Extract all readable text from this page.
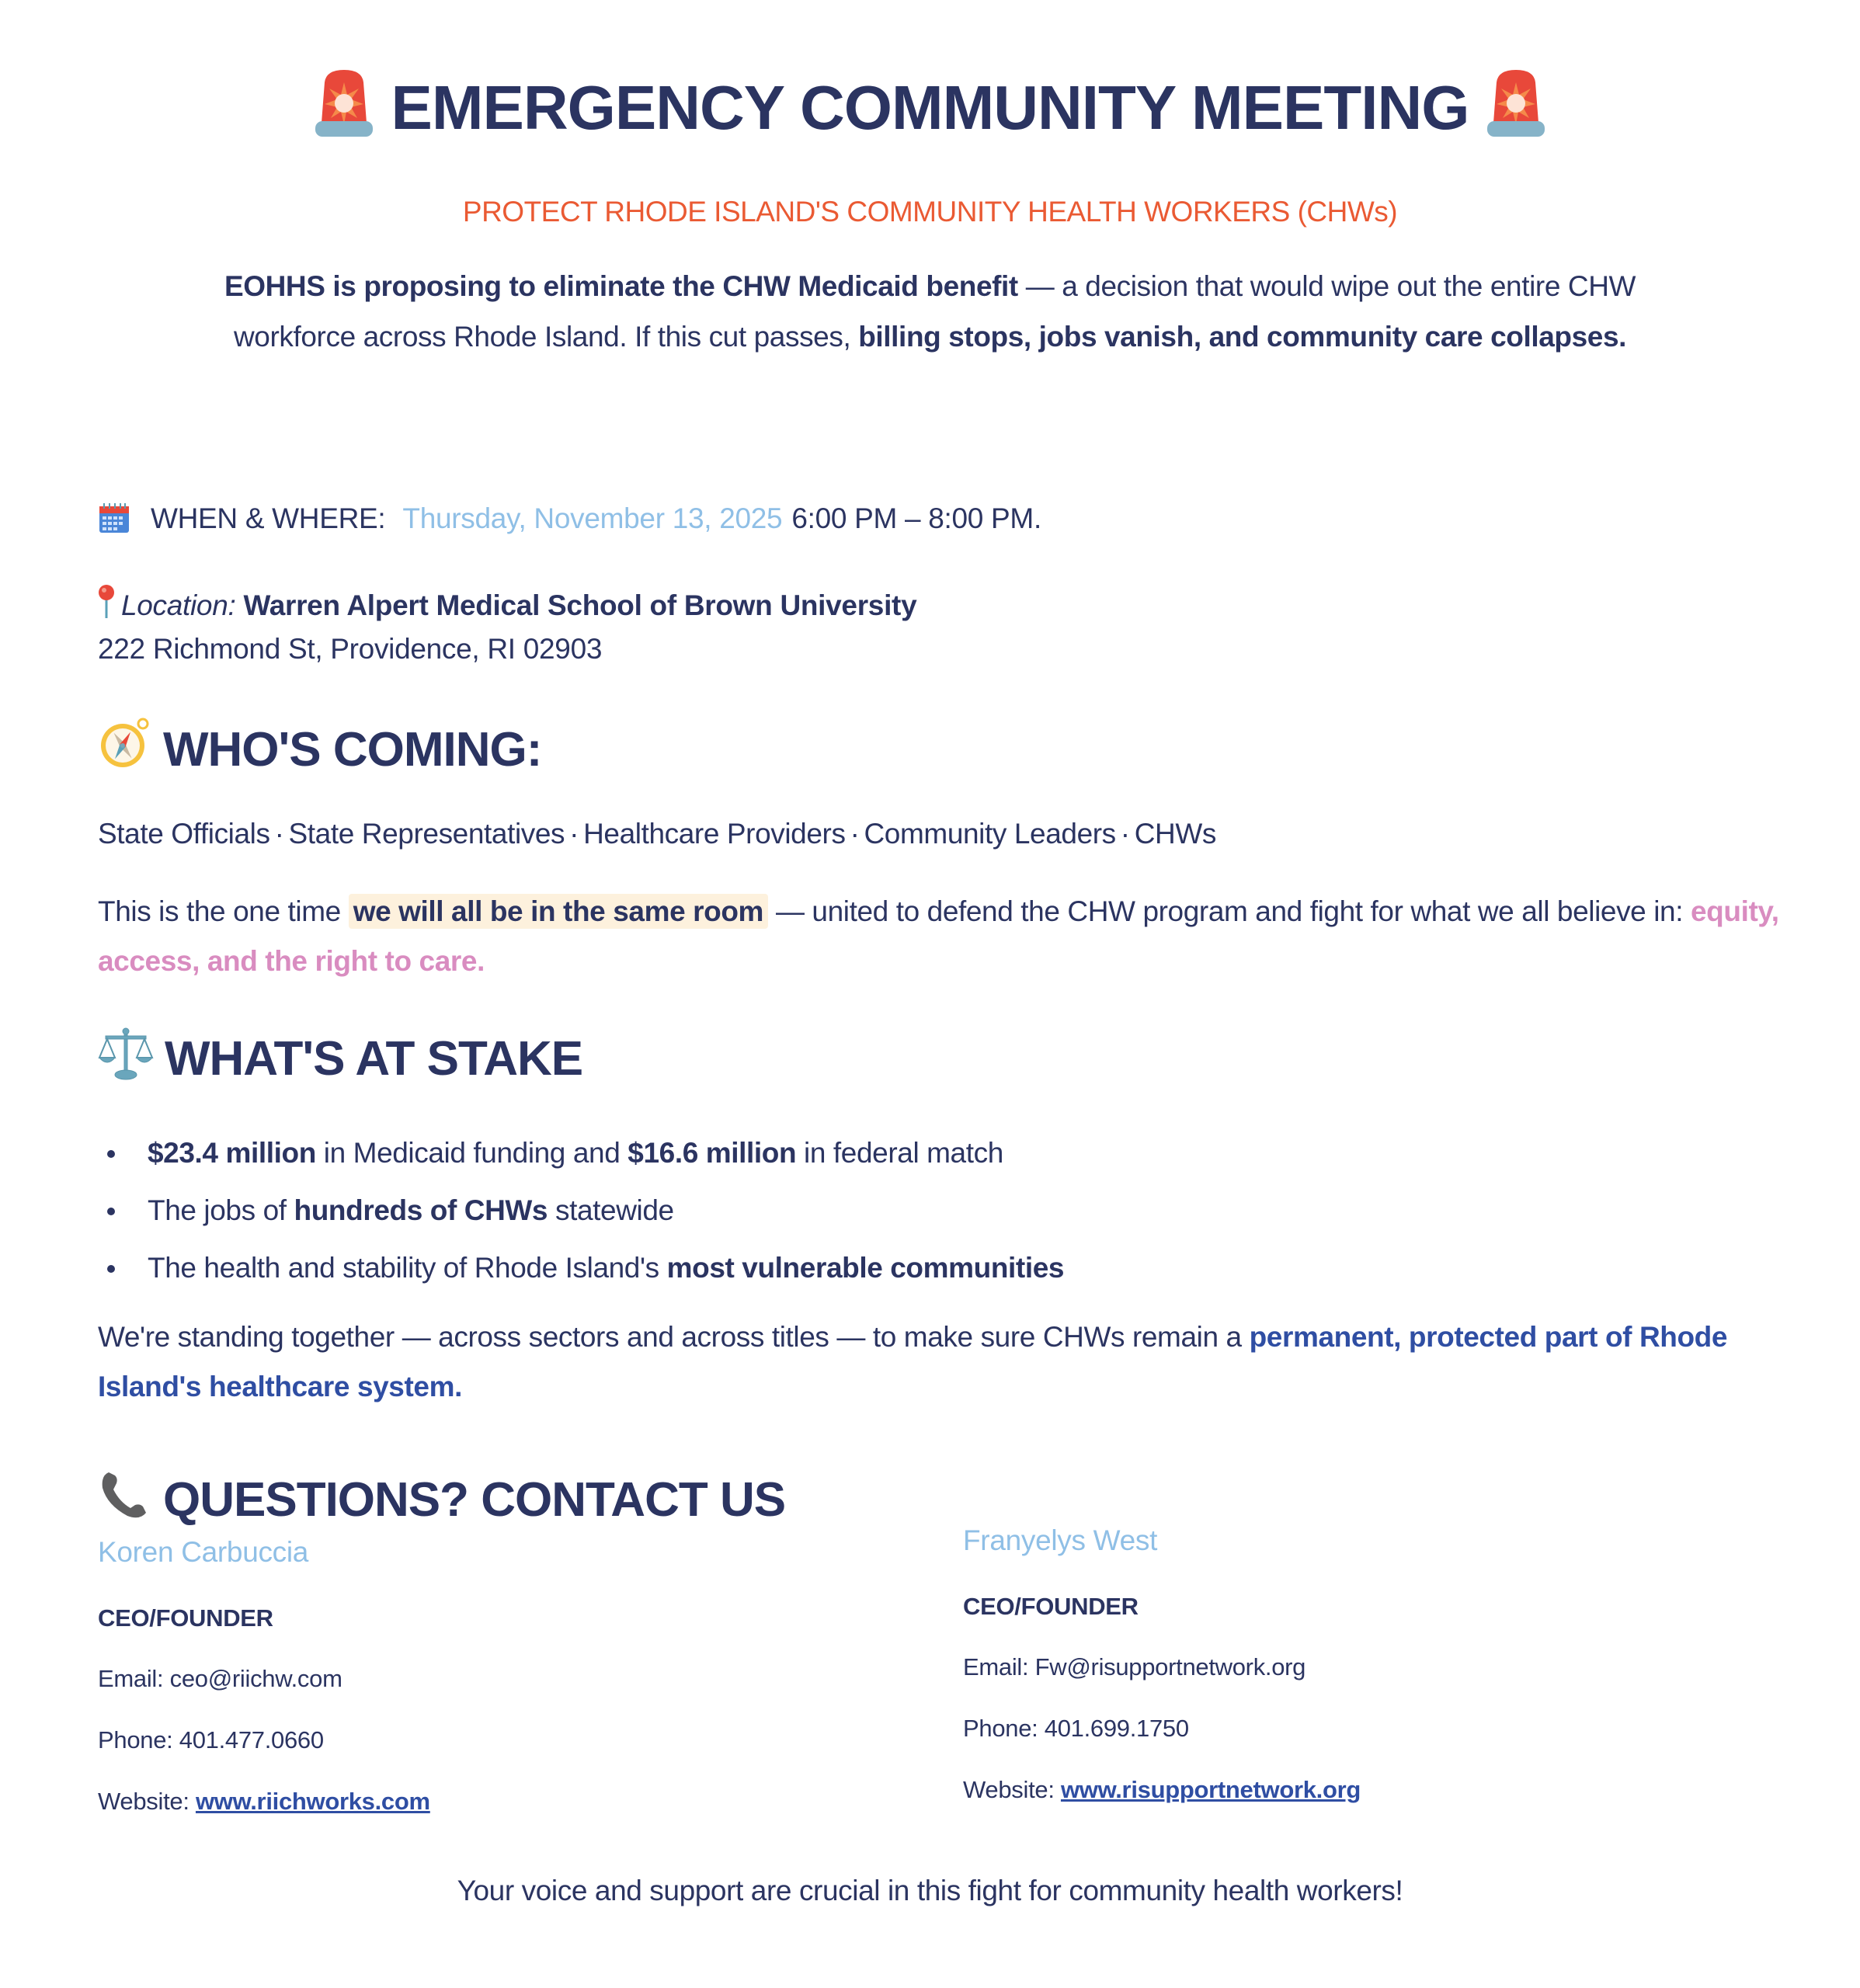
EMERGENCY COMMUNITY MEETING
PROTECT RHODE ISLAND'S COMMUNITY HEALTH WORKERS (CHWs)
EOHHS is proposing to eliminate the CHW Medicaid benefit — a decision that would wipe out the entire CHW
workforce across Rhode Island. If this cut passes, billing stops, jobs vanish, and community care collapses.
WHEN & WHERE: Thursday, November 13, 2025 6:00 PM – 8:00 PM.
Location: Warren Alpert Medical School of Brown University
222 Richmond St, Providence, RI 02903
WHO'S COMING:
State Officials · State Representatives · Healthcare Providers · Community Leaders · CHWs
This is the one time we will all be in the same room — united to defend the CHW program and fight for what we all believe in: equity, access, and the right to care.
WHAT'S AT STAKE
$23.4 million in Medicaid funding and $16.6 million in federal match
The jobs of hundreds of CHWs statewide
The health and stability of Rhode Island's most vulnerable communities
We're standing together — across sectors and across titles — to make sure CHWs remain a permanent, protected part of Rhode Island's healthcare system.
QUESTIONS? CONTACT US
Koren Carbuccia
CEO/FOUNDER
Email: ceo@riichw.com
Phone: 401.477.0660
Website: www.riichworks.com
Franyelys West
CEO/FOUNDER
Email: Fw@risupportnetwork.org
Phone: 401.699.1750
Website: www.risupportnetwork.org
Your voice and support are crucial in this fight for community health workers!
